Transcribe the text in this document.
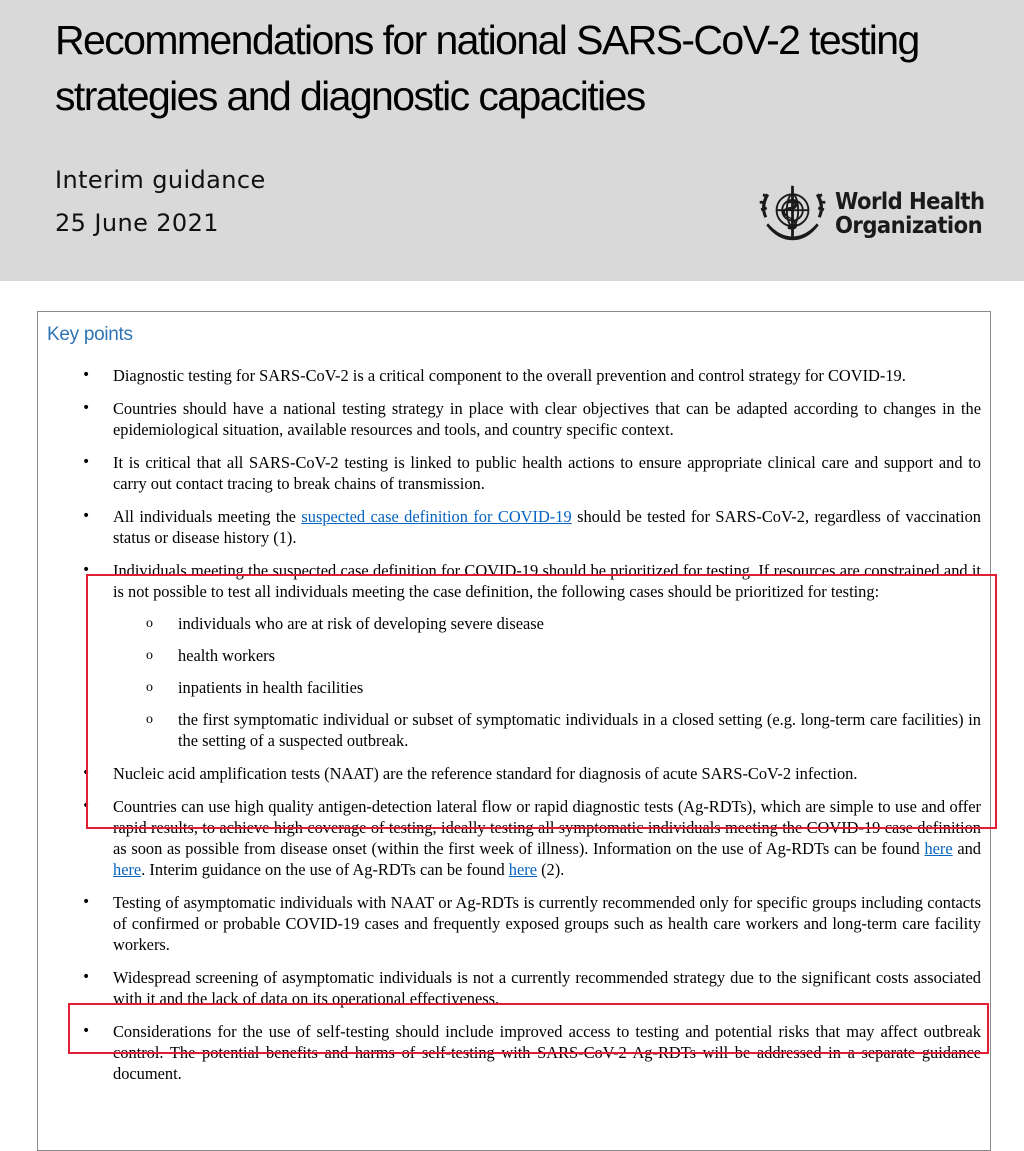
Recommendations for national SARS-CoV-2 testing strategies and diagnostic capacities
Interim guidance
25 June 2021
World Health
Organization
Key points

• Diagnostic testing for SARS-CoV-2 is a critical component to the overall prevention and control strategy for COVID-19.

• Countries should have a national testing strategy in place with clear objectives that can be adapted according to changes in the epidemiological situation, available resources and tools, and country specific context.

• It is critical that all SARS-CoV-2 testing is linked to public health actions to ensure appropriate clinical care and support and to carry out contact tracing to break chains of transmission.

• All individuals meeting the suspected case definition for COVID-19 should be tested for SARS-CoV-2, regardless of vaccination status or disease history (1).

• Individuals meeting the suspected case definition for COVID-19 should be prioritized for testing. If resources are constrained and it is not possible to test all individuals meeting the case definition, the following cases should be prioritized for testing:

o individuals who are at risk of developing severe disease

o health workers

o inpatients in health facilities

o the first symptomatic individual or subset of symptomatic individuals in a closed setting (e.g. long-term care facilities) in the setting of a suspected outbreak.

• Nucleic acid amplification tests (NAAT) are the reference standard for diagnosis of acute SARS-CoV-2 infection.

• Countries can use high quality antigen-detection lateral flow or rapid diagnostic tests (Ag-RDTs), which are simple to use and offer rapid results, to achieve high coverage of testing, ideally testing all symptomatic individuals meeting the COVID-19 case definition as soon as possible from disease onset (within the first week of illness). Information on the use of Ag-RDTs can be found here and here. Interim guidance on the use of Ag-RDTs can be found here (2).

• Testing of asymptomatic individuals with NAAT or Ag-RDTs is currently recommended only for specific groups including contacts of confirmed or probable COVID-19 cases and frequently exposed groups such as health care workers and long-term care facility workers.

• Widespread screening of asymptomatic individuals is not a currently recommended strategy due to the significant costs associated with it and the lack of data on its operational effectiveness.

• Considerations for the use of self-testing should include improved access to testing and potential risks that may affect outbreak control. The potential benefits and harms of self-testing with SARS-CoV-2 Ag-RDTs will be addressed in a separate guidance document.
